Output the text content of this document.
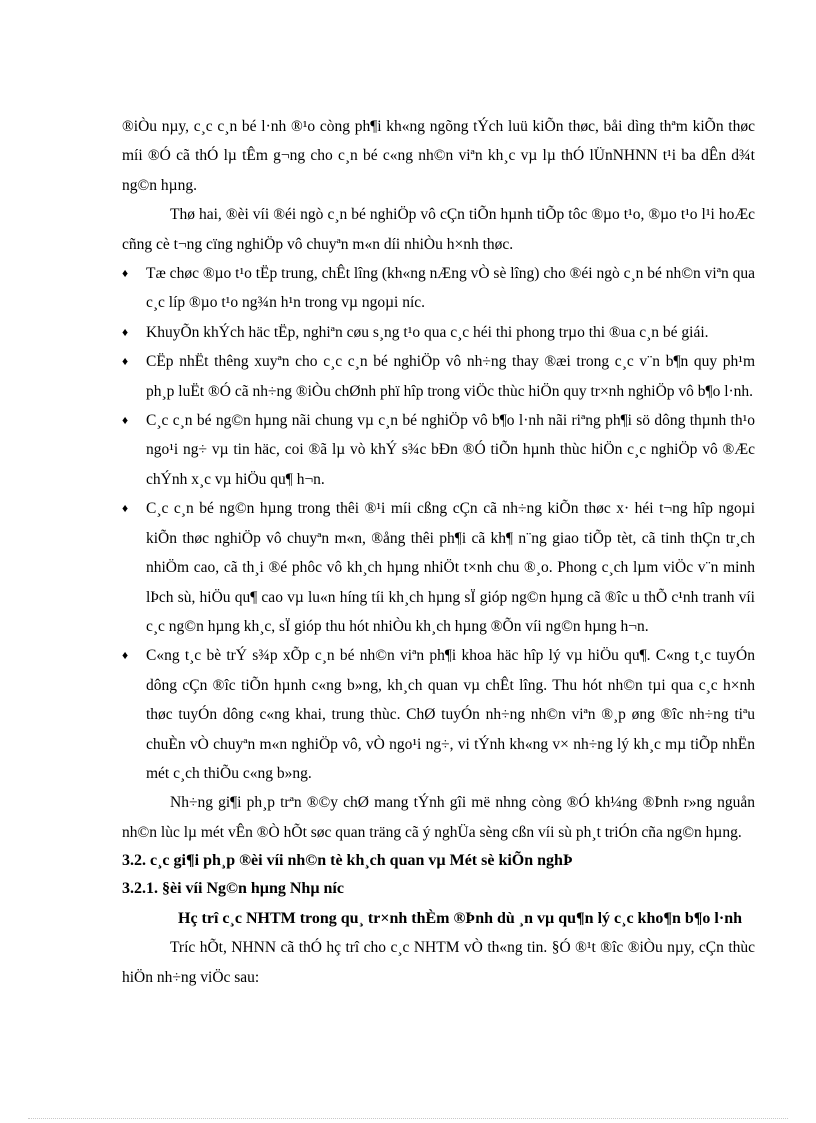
®iÒu nµy, c¸c c¸n bé l·nh ®¹o còng ph¶i kh«ng ngõng tÝch luü kiÕn thøc, båi dìng thªm kiÕn thøc míi ®Ó cã thÓ lµ tÊm g¬ng cho c¸n bé c«ng nh©n viªn kh¸c vµ lµ thÓ lÜnNHNN t¹i ba dÊn d¾t ng©n hµng.

Thø hai, ®èi víi ®éi ngò c¸n bé nghiÖp vô cÇn tiÕn hµnh tiÕp tôc ®µo t¹o, ®µo t¹o l¹i hoÆc cñng cè t¬ng cïng nghiÖp vô chuyªn m«n díi nhiÒu h×nh thøc.

♦ Tæ chøc ®µo t¹o tËp trung, chÊt lîng (kh«ng nÆng vÒ sè lîng) cho ®éi ngò c¸n bé nh©n viªn qua c¸c líp ®µo t¹o ng¾n h¹n trong vµ ngoµi níc.
♦ KhuyÕn khÝch häc tËp, nghiªn cøu s¸ng t¹o qua c¸c héi thi phong trµo thi ®ua c¸n bé giái.
♦ CËp nhËt thêng xuyªn cho c¸c c¸n bé nghiÖp vô nh÷ng thay ®æi trong c¸c v¨n b¶n quy ph¹m ph¸p luËt ®Ó cã nh÷ng ®iÒu chØnh phï hîp trong viÖc thùc hiÖn quy tr×nh nghiÖp vô b¶o l·nh.
♦ C¸c c¸n bé ng©n hµng nãi chung vµ c¸n bé nghiÖp vô b¶o l·nh nãi riªng ph¶i sö dông thµnh th¹o ngo¹i ng÷ vµ tin häc, coi ®ã lµ vò khÝ s¾c bÐn ®Ó tiÕn hµnh thùc hiÖn c¸c nghiÖp vô ®Æc chÝnh x¸c vµ hiÖu qu¶ h¬n.
♦ C¸c c¸n bé ng©n hµng trong thêi ®¹i míi cßng cÇn cã nh÷ng kiÕn thøc x· héi t¬ng hîp ngoµi kiÕn thøc nghiÖp vô chuyªn m«n, ®ång thêi ph¶i cã kh¶ n¨ng giao tiÕp tèt, cã tinh thÇn tr¸ch nhiÖm cao, cã th¸i ®é phôc vô kh¸ch hµng nhiÖt t×nh chu ®¸o. Phong c¸ch lµm viÖc v¨n minh lÞch sù, hiÖu qu¶ cao vµ lu«n híng tíi kh¸ch hµng sÏ gióp ng©n hµng cã ®îc u thÕ c¹nh tranh víi c¸c ng©n hµng kh¸c, sÏ gióp thu hót nhiÒu kh¸ch hµng ®Õn víi ng©n hµng h¬n.
♦ C«ng t¸c bè trÝ s¾p xÕp c¸n bé nh©n viªn ph¶i khoa häc hîp lý vµ hiÖu qu¶. C«ng t¸c tuyÓn dông cÇn ®îc tiÕn hµnh c«ng b»ng, kh¸ch quan vµ chÊt lîng. Thu hót nh©n tµi qua c¸c h×nh thøc tuyÓn dông c«ng khai, trung thùc. ChØ tuyÓn nh÷ng nh©n viªn ®¸p øng ®îc nh÷ng tiªu chuÈn vÒ chuyªn m«n nghiÖp vô, vÒ ngo¹i ng÷, vi tÝnh kh«ng v× nh÷ng lý kh¸c mµ tiÕp nhËn mét c¸ch thiÕu c«ng b»ng.

Nh÷ng gi¶i ph¸p trªn ®©y chØ mang tÝnh gîi më nhng còng ®Ó kh¼ng ®Þnh r»ng nguån nh©n lùc lµ mét vÊn ®Ò hÕt søc quan träng cã ý nghÜa sèng cßn víi sù ph¸t triÓn cña ng©n hµng.

3.2. c¸c gi¶i ph¸p ®èi víi nh©n tè kh¸ch quan vµ Mét sè kiÕn nghÞ

3.2.1. §èi víi Ng©n hµng Nhµ níc

Hç trî c¸c NHTM trong qu¸ tr×nh thÈm ®Þnh dù ¸n vµ qu¶n lý c¸c kho¶n b¶o l·nh

Tríc hÕt, NHNN cã thÓ hç trî cho c¸c NHTM vÒ th«ng tin. §Ó ®¹t ®îc ®iÒu nµy, cÇn thùc hiÖn nh÷ng viÖc sau:
